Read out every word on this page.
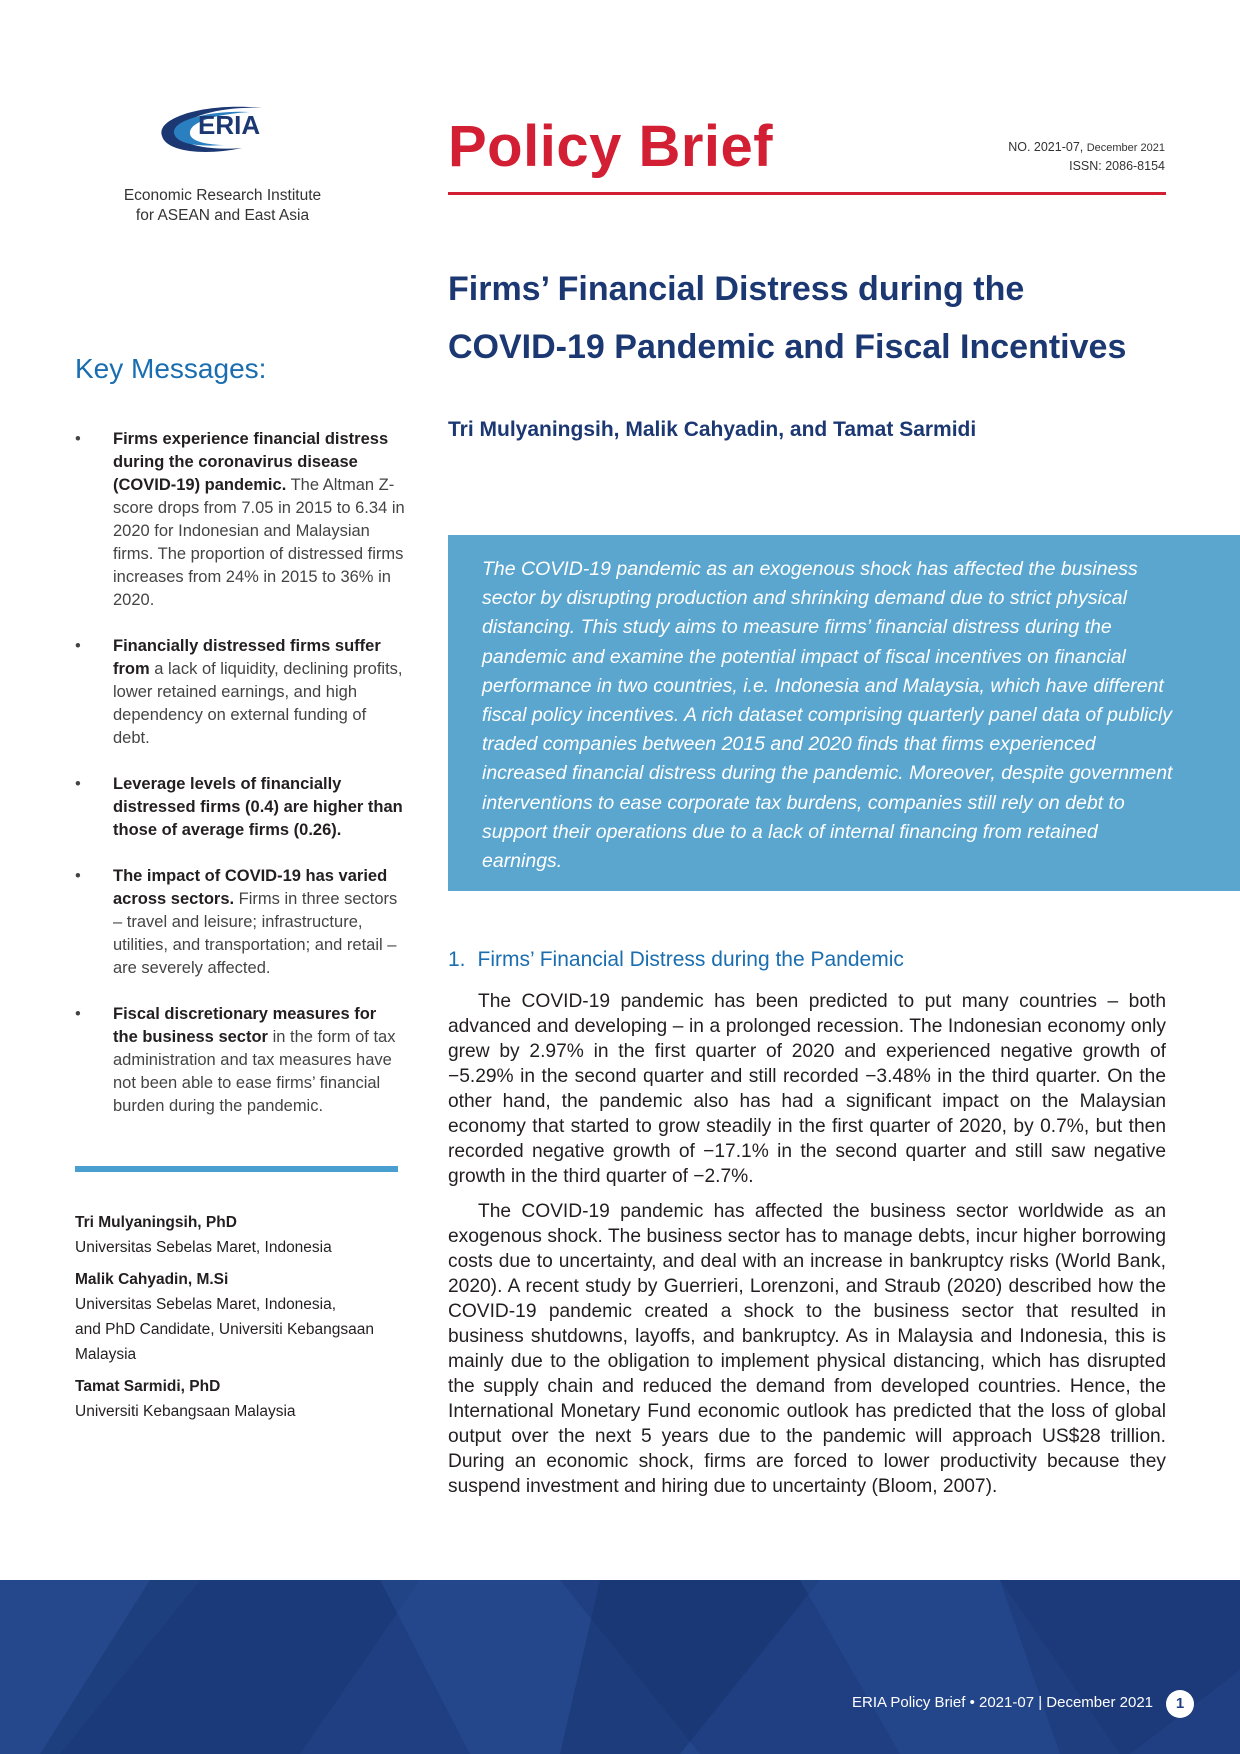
ERIA
Economic Research Institute
for ASEAN and East Asia
Policy Brief	NO. 2021-07, December 2021
ISSN: 2086-8154
Firms’ Financial Distress during the
COVID-19 Pandemic and Fiscal Incentives
Tri Mulyaningsih, Malik Cahyadin, and Tamat Sarmidi
Key Messages:
• Firms experience financial distress during the coronavirus disease (COVID-19) pandemic. The Altman Z-score drops from 7.05 in 2015 to 6.34 in 2020 for Indonesian and Malaysian firms. The proportion of distressed firms increases from 24% in 2015 to 36% in 2020.
• Financially distressed firms suffer from a lack of liquidity, declining profits, lower retained earnings, and high dependency on external funding of debt.
• Leverage levels of financially distressed firms (0.4) are higher than those of average firms (0.26).
• The impact of COVID-19 has varied across sectors. Firms in three sectors – travel and leisure; infrastructure, utilities, and transportation; and retail – are severely affected.
• Fiscal discretionary measures for the business sector in the form of tax administration and tax measures have not been able to ease firms’ financial burden during the pandemic.
Tri Mulyaningsih, PhD
Universitas Sebelas Maret, Indonesia
Malik Cahyadin, M.Si
Universitas Sebelas Maret, Indonesia,
and PhD Candidate, Universiti Kebangsaan
Malaysia
Tamat Sarmidi, PhD
Universiti Kebangsaan Malaysia

The COVID-19 pandemic as an exogenous shock has affected the business sector by disrupting production and shrinking demand due to strict physical distancing. This study aims to measure firms’ financial distress during the pandemic and examine the potential impact of fiscal incentives on financial performance in two countries, i.e. Indonesia and Malaysia, which have different fiscal policy incentives. A rich dataset comprising quarterly panel data of publicly traded companies between 2015 and 2020 finds that firms experienced increased financial distress during the pandemic. Moreover, despite government interventions to ease corporate tax burdens, companies still rely on debt to support their operations due to a lack of internal financing from retained earnings.

1. Firms’ Financial Distress during the Pandemic

The COVID-19 pandemic has been predicted to put many countries – both advanced and developing – in a prolonged recession. The Indonesian economy only grew by 2.97% in the first quarter of 2020 and experienced negative growth of −5.29% in the second quarter and still recorded −3.48% in the third quarter. On the other hand, the pandemic also has had a significant impact on the Malaysian economy that started to grow steadily in the first quarter of 2020, by 0.7%, but then recorded negative growth of −17.1% in the second quarter and still saw negative growth in the third quarter of −2.7%.

The COVID-19 pandemic has affected the business sector worldwide as an exogenous shock. The business sector has to manage debts, incur higher borrowing costs due to uncertainty, and deal with an increase in bankruptcy risks (World Bank, 2020). A recent study by Guerrieri, Lorenzoni, and Straub (2020) described how the COVID-19 pandemic created a shock to the business sector that resulted in business shutdowns, layoffs, and bankruptcy. As in Malaysia and Indonesia, this is mainly due to the obligation to implement physical distancing, which has disrupted the supply chain and reduced the demand from developed countries. Hence, the International Monetary Fund economic outlook has predicted that the loss of global output over the next 5 years due to the pandemic will approach US$28 trillion. During an economic shock, firms are forced to lower productivity because they suspend investment and hiring due to uncertainty (Bloom, 2007).

ERIA Policy Brief • 2021-07 | December 2021	1
